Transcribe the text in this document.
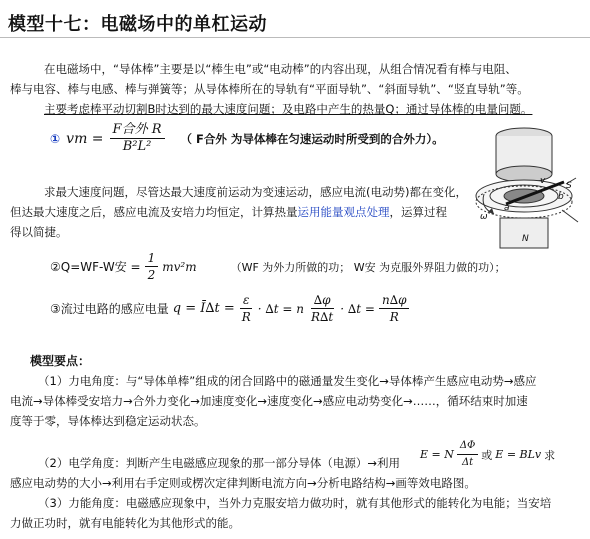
模型十七：电磁场中的单杠运动
在电磁场中，“导体棒”主要是以“棒生电”或“电动棒”的内容出现，从组合情况看有棒与电阻、
棒与电容、棒与电感、棒与弹簧等；从导体棒所在的导轨有“平面导轨”、“斜面导轨”、“竖直导轨”等。
主要考虑棒平动切割B时达到的最大速度问题；及电路中产生的热量Q；通过导体棒的电量问题。
① vm = $\frac{\text{F合外 R}}{\text{B²L²}}$ （ F合外 为导体棒在匀速运动时所受到的合外力）。
求最大速度问题，尽管达最大速度前运动为变速运动，感应电流(电动势)都在变化，
但达最大速度之后，感应电流及安培力均恒定，计算热量运用能量观点处理，运算过程
得以简捷。
②Q=WF-W安 = $\frac{1}{2} mv^2m$	（WF 为外力所做的功； W安 为克服外界阻力做的功）；
③流过电路的感应电量 q = Ī∆t = $\frac{\varepsilon}{R} \cdot \Delta t = n \frac{\Delta\varphi}{R\Delta t} \cdot \Delta t = \frac{n\Delta\varphi}{R}$
模型要点：
（1）力电角度：与“导体单棒”组成的闭合回路中的磁通量发生变化→导体棒产生感应电动势→感应
电流→导体棒受安培力→合外力变化→加速度变化→速度变化→感应电动势变化→……，循环结束时加速
度等于零，导体棒达到稳定运动状态。
（2）电学角度：判断产生电磁感应现象的那一部分导体（电源）→利用
E = N $\frac{\Delta\Phi}{\Delta t}$ 或 E = BLv 求
感应电动势的大小→利用右手定则或楞次定律判断电流方向→分析电路结构→画等效电路图。
（3）力能角度：电磁感应现象中，当外力克服安培力做功时，就有其他形式的能转化为电能；当安培
力做正功时，就有电能转化为其他形式的能。
S
N
a
b
v
ω
